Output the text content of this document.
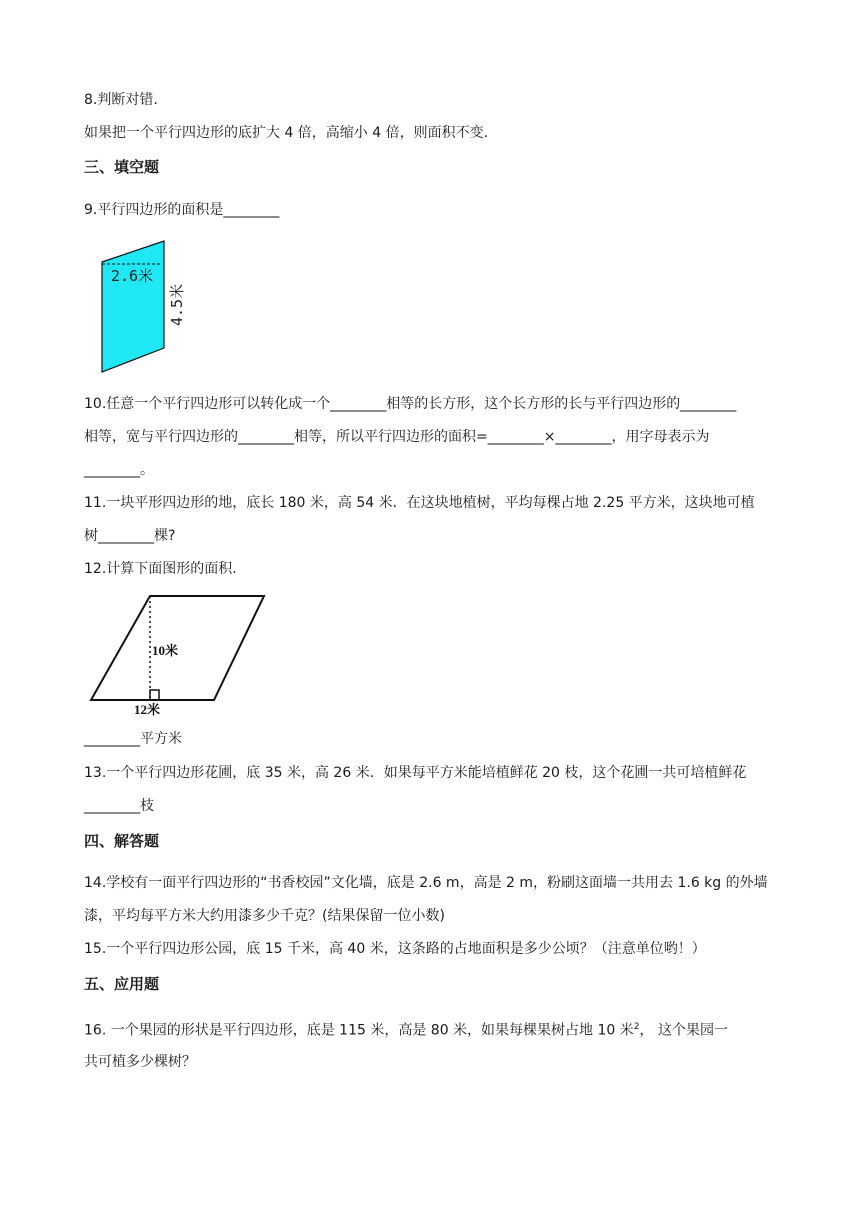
8.判断对错.
如果把一个平行四边形的底扩大 4 倍，高缩小 4 倍，则面积不变.
三、填空题
9.平行四边形的面积是________
2.6米
4.5米
10.任意一个平行四边形可以转化成一个________相等的长方形，这个长方形的长与平行四边形的________
相等，宽与平行四边形的________相等，所以平行四边形的面积=________×________，用字母表示为
________。
11.一块平形四边形的地，底长 180 米，高 54 米．在这块地植树，平均每棵占地 2.25 平方米，这块地可植
树________棵?
12.计算下面图形的面积.
10米
12米
________平方米
13.一个平行四边形花圃，底 35 米，高 26 米．如果每平方米能培植鲜花 20 枝，这个花圃一共可培植鲜花
________枝
四、解答题
14.学校有一面平行四边形的“书香校园”文化墙，底是 2.6 m，高是 2 m，粉刷这面墙一共用去 1.6 kg 的外墙
漆，平均每平方米大约用漆多少千克？(结果保留一位小数)
15.一个平行四边形公园，底 15 千米，高 40 米，这条路的占地面积是多少公顷？（注意单位哟！）
五、应用题
16. 一个果园的形状是平行四边形，底是 115 米，高是 80 米，如果每棵果树占地 10 米$^2$， 这个果园一
共可植多少棵树？
